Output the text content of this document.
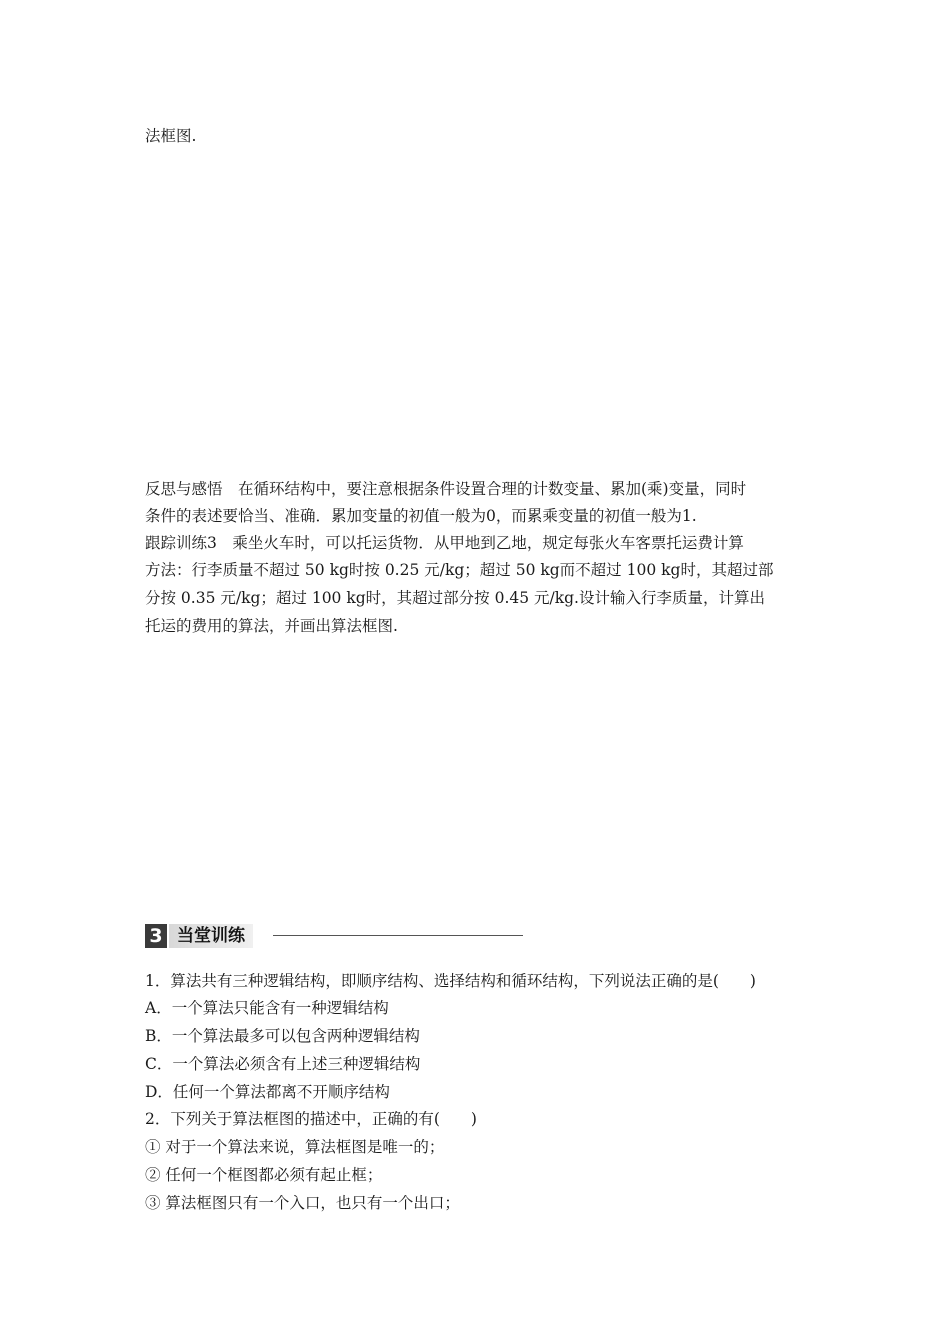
法框图.
反思与感悟　在循环结构中，要注意根据条件设置合理的计数变量、累加(乘)变量，同时
条件的表述要恰当、准确．累加变量的初值一般为0，而累乘变量的初值一般为1.
跟踪训练3　乘坐火车时，可以托运货物．从甲地到乙地，规定每张火车客票托运费计算
方法：行李质量不超过 50 kg时按 0.25 元/kg；超过 50 kg而不超过 100 kg时，其超过部
分按 0.35 元/kg；超过 100 kg时，其超过部分按 0.45 元/kg.设计输入行李质量，计算出
托运的费用的算法，并画出算法框图.
3 当堂训练
1．算法共有三种逻辑结构，即顺序结构、选择结构和循环结构，下列说法正确的是(　　)
A．一个算法只能含有一种逻辑结构
B．一个算法最多可以包含两种逻辑结构
C．一个算法必须含有上述三种逻辑结构
D．任何一个算法都离不开顺序结构
2．下列关于算法框图的描述中，正确的有(　　)
① 对于一个算法来说，算法框图是唯一的；
② 任何一个框图都必须有起止框；
③ 算法框图只有一个入口，也只有一个出口；
